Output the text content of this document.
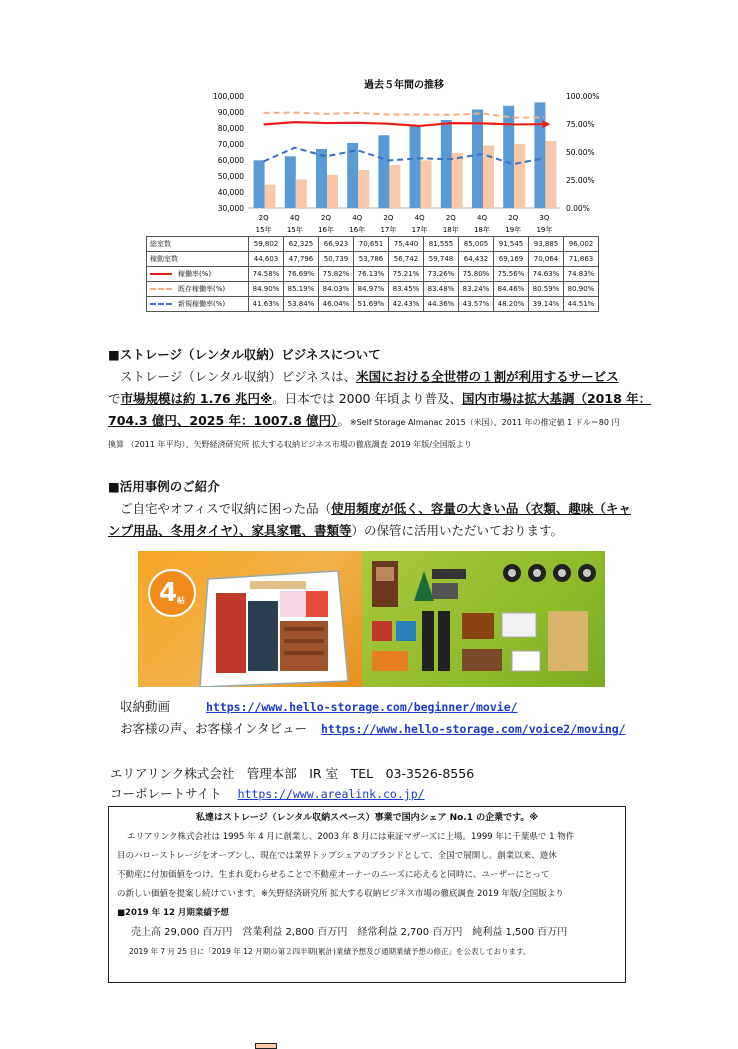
過去５年間の推移
30,000
40,000
50,000
60,000
70,000
80,000
90,000
100,000
0.00%
25.00%
50.00%
75.00%
100.00%
2Q
15年
4Q
15年
2Q
16年
4Q
16年
2Q
17年
4Q
17年
2Q
18年
4Q
18年
2Q
19年
3Q
19年
総室数	59,802	62,325	66,923	70,651	75,440	81,555	85,005	91,545	93,885	96,002

稼動室数	44,603	47,796	50,739	53,786	56,742	59,748	64,432	69,169	70,064	71,863
稼働率(%)	74.58%	76.69%	75.82%	76.13%	75.21%	73.26%	75.80%	75.56%	74.63%	74.83%
既存稼働率(%)	84.90%	85.19%	84.03%	84.97%	83.45%	83.48%	83.24%	84.46%	80.59%	80.90%
新規稼働率(%)	41.63%	53.84%	46.04%	51.69%	42.43%	44.36%	43.57%	48.20%	39.14%	44.51%
■ストレージ（レンタル収納）ビジネスについて
ストレージ（レンタル収納）ビジネスは、米国における全世帯の１割が利用するサービス
で市場規模は約 1.76 兆円※。日本では 2000 年頃より普及、国内市場は拡大基調（2018 年：
704.3 億円、2025 年：1007.8 億円）。※Self Storage Almanac 2015（米国）、2011 年の推定値 1 ドル＝80 円
換算 （2011 年平均）、矢野経済研究所 拡大する収納ビジネス市場の徹底調査 2019 年版/全国版より
■活用事例のご紹介
ご自宅やオフィスで収納に困った品（使用頻度が低く、容量の大きい品（衣類、趣味（キャ
ンプ用品、冬用タイヤ）、家具家電、書類等）の保管に活用いただいております。
4 帖
収納動画	https://www.hello-storage.com/beginner/movie/
お客様の声、お客様インタビュー https://www.hello-storage.com/voice2/moving/
エリアリンク株式会社　管理本部　IR 室　TEL　03-3526-8556
コーポレートサイト https://www.arealink.co.jp/
私達はストレージ（レンタル収納スペース）事業で国内シェア No.1 の企業です。※
エリアリンク株式会社は 1995 年 4 月に創業し、2003 年 8 月には東証マザーズに上場。1999 年に千葉県で 1 物件
目のハローストレージをオープンし、現在では業界トップシェアのブランドとして、全国で展開し。創業以来、遊休
不動産に付加価値をつけ、生まれ変わらせることで不動産オーナーのニーズに応えると同時に、ユーザーにとって
の新しい価値を提案し続けています。※矢野経済研究所 拡大する収納ビジネス市場の徹底調査 2019 年版/全国版より
■2019 年 12 月期業績予想
売上高 29,000 百万円　営業利益 2,800 百万円　経常利益 2,700 百万円　純利益 1,500 百万円
2019 年 7 月 25 日に「2019 年 12 月期の第２四半期(累計)業績予想及び通期業績予想の修正」を公表しております。
